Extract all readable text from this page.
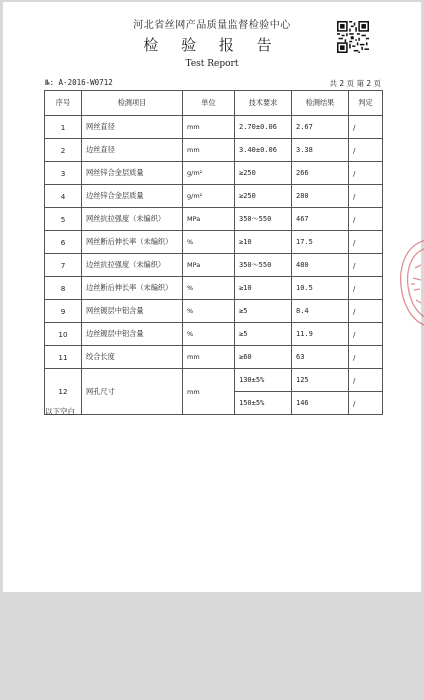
河北省丝网产品质量监督检验中心
检 验 报 告
Test Report
№: A-2016-W0712	共 2 页 第 2 页
序号	检测项目	单位	技术要求	检测结果	判定
1	网丝直径	mm	2.70±0.06	2.67	/
2	边丝直径	mm	3.40±0.06	3.38	/
3	网丝锌合金层质量	g/m²	≥250	266	/
4	边丝锌合金层质量	g/m²	≥250	280	/
5	网丝抗拉强度（未编织）	MPa	350～550	467	/
6	网丝断后伸长率（未编织）	%	≥10	17.5	/
7	边丝抗拉强度（未编织）	MPa	350～550	480	/
8	边丝断后伸长率（未编织）	%	≥10	10.5	/
9	网丝镀层中铝含量	%	≥5	8.4	/
10	边丝镀层中铝含量	%	≥5	11.9	/
11	绞合长度	mm	≥60	63	/
12	网孔尺寸	mm	130±5%	125	/
			150±5%	146	/
以下空白
